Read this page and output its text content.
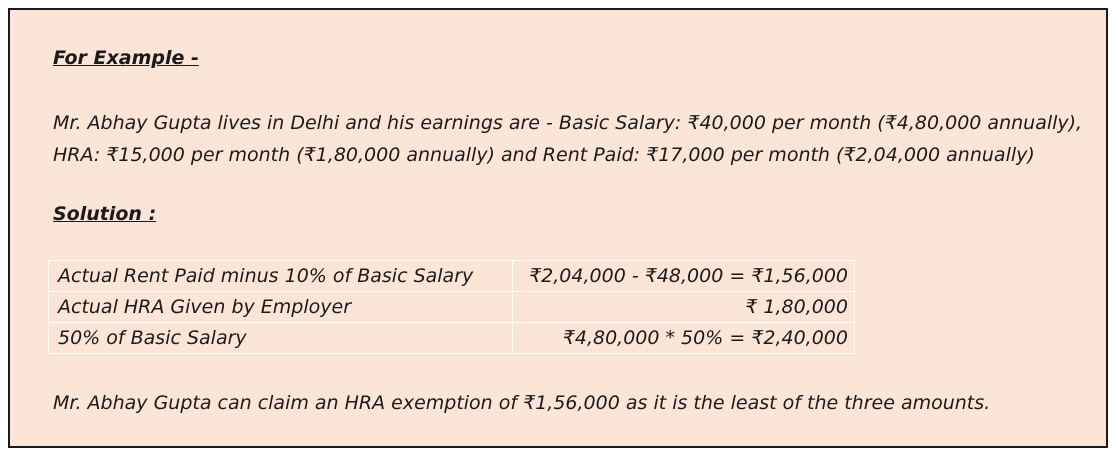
For Example -
Mr. Abhay Gupta lives in Delhi and his earnings are - Basic Salary: ₹40,000 per month (₹4,80,000 annually),
HRA: ₹15,000 per month (₹1,80,000 annually) and Rent Paid: ₹17,000 per month (₹2,04,000 annually)
Solution :
Actual Rent Paid minus 10% of Basic Salary	₹2,04,000 - ₹48,000 = ₹1,56,000
Actual HRA Given by Employer	₹ 1,80,000
50% of Basic Salary	₹4,80,000 * 50% = ₹2,40,000
Mr. Abhay Gupta can claim an HRA exemption of ₹1,56,000 as it is the least of the three amounts.
